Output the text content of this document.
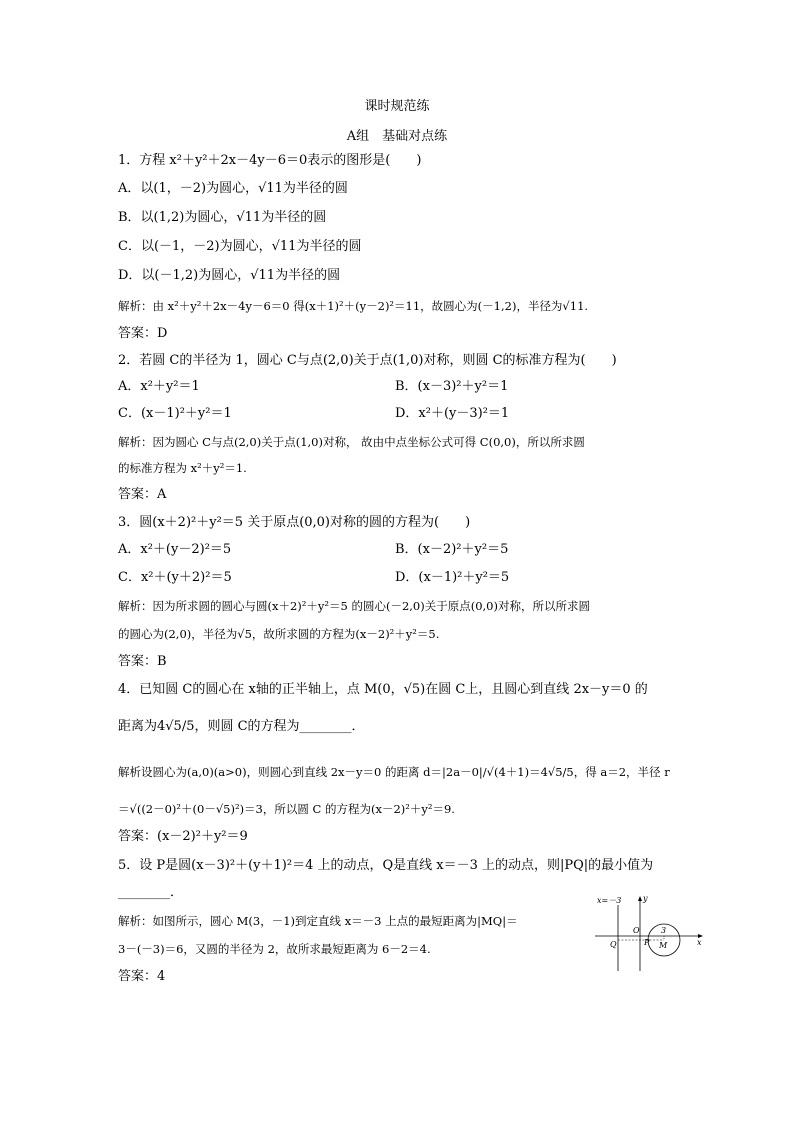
课时规范练
A组　基础对点练
1．方程 x²＋y²＋2x－4y－6＝0表示的图形是(　　)
A．以(1，－2)为圆心，√11为半径的圆
B．以(1,2)为圆心，√11为半径的圆
C．以(－1，－2)为圆心，√11为半径的圆
D．以(－1,2)为圆心，√11为半径的圆
解析：由 x²＋y²＋2x－4y－6＝0 得(x＋1)²＋(y－2)²＝11，故圆心为(－1,2)，半径为√11.
答案：D
2．若圆 C的半径为 1，圆心 C与点(2,0)关于点(1,0)对称，则圆 C的标准方程为(　　)
A．x²＋y²＝1	B．(x－3)²＋y²＝1
C．(x－1)²＋y²＝1	D．x²＋(y－3)²＝1
解析：因为圆心 C与点(2,0)关于点(1,0)对称， 故由中点坐标公式可得 C(0,0)，所以所求圆
的标准方程为 x²＋y²＝1.
答案：A
3．圆(x＋2)²＋y²＝5 关于原点(0,0)对称的圆的方程为(　　)
A．x²＋(y－2)²＝5	B．(x－2)²＋y²＝5
C．x²＋(y＋2)²＝5	D．(x－1)²＋y²＝5
解析：因为所求圆的圆心与圆(x＋2)²＋y²＝5 的圆心(－2,0)关于原点(0,0)对称，所以所求圆
的圆心为(2,0)，半径为√5，故所求圆的方程为(x－2)²＋y²＝5.
答案：B
4．已知圆 C的圆心在 x轴的正半轴上，点 M(0，√5)在圆 C上，且圆心到直线 2x－y＝0 的
距离为4√5/5，则圆 C的方程为________．
解析设圆心为(a,0)(a>0)，则圆心到直线 2x－y＝0 的距离 d＝|2a－0|/√(4＋1)＝4√5/5，得 a＝2，半径 r
＝√((2－0)²＋(0－√5)²)＝3，所以圆 C 的方程为(x－2)²＋y²＝9.
答案：(x－2)²＋y²＝9
5．设 P是圆(x－3)²＋(y＋1)²＝4 上的动点，Q是直线 x＝－3 上的动点，则|PQ|的最小值为
________．
解析：如图所示，圆心 M(3，－1)到定直线 x＝－3 上点的最短距离为|MQ|＝
3－(－3)＝6，又圆的半径为 2，故所求最短距离为 6－2＝4.
答案：4
x=－3	y
x
O
Q	P M
3
